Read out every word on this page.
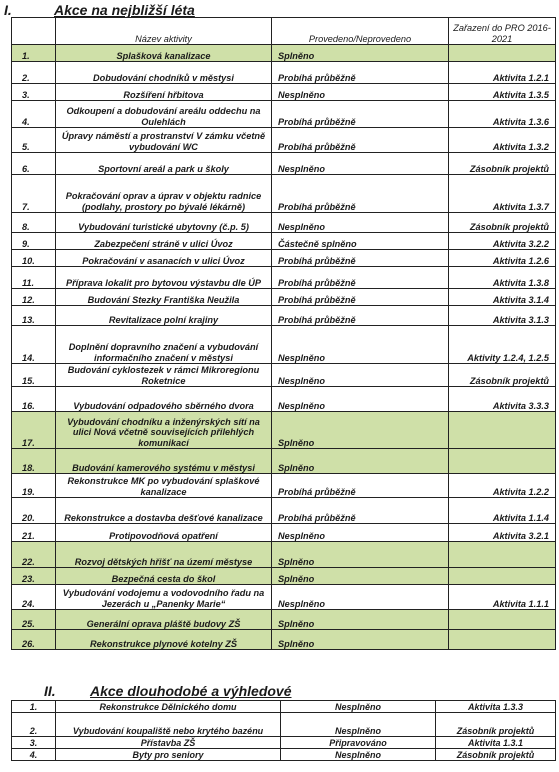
I.	Akce na nejbližší léta
	Název aktivity	Provedeno/Neprovedeno	Zařazení do PRO 2016-2021
1.	Splašková kanalizace	Splněno	
2.	Dobudování chodníků v městysi	Probíhá průběžně	Aktivita 1.2.1
3.	Rozšíření hřbitova	Nesplněno	Aktivita 1.3.5
4.	Odkoupení a dobudování areálu oddechu na Oulehlách	Probíhá průběžně	Aktivita 1.3.6
5.	Úpravy náměstí a prostranství V zámku včetně vybudování WC	Probíhá průběžně	Aktivita 1.3.2
6.	Sportovní areál a park u školy	Nesplněno	Zásobník projektů
7.	Pokračování oprav a úprav v objektu radnice (podlahy, prostory po bývalé lékárně)	Probíhá průběžně	Aktivita 1.3.7
8.	Vybudování turistické ubytovny (č.p. 5)	Nesplněno	Zásobník projektů
9.	Zabezpečení stráně v ulici Úvoz	Částečně splněno	Aktivita 3.2.2
10.	Pokračování v asanacích v ulici Úvoz	Probíhá průběžně	Aktivita 1.2.6
11.	Příprava lokalit pro bytovou výstavbu dle ÚP	Probíhá průběžně	Aktivita 1.3.8
12.	Budování Stezky Františka Neužila	Probíhá průběžně	Aktivita 3.1.4
13.	Revitalizace polní krajiny	Probíhá průběžně	Aktivita 3.1.3
14.	Doplnění dopravního značení a vybudování informačního značení v městysi	Nesplněno	Aktivity 1.2.4, 1.2.5
15.	Budování cyklostezek v rámci Mikroregionu Roketnice	Nesplněno	Zásobník projektů
16.	Vybudování odpadového sběrného dvora	Nesplněno	Aktivita 3.3.3
17.	Vybudování chodníku a inženýrských sítí na ulici Nová včetně souvisejících přilehlých komunikací	Splněno	
18.	Budování kamerového systému v městysi	Splněno	
19.	Rekonstrukce MK po vybudování splaškové kanalizace	Probíhá průběžně	Aktivita 1.2.2
20.	Rekonstrukce a dostavba dešťové kanalizace	Probíhá průběžně	Aktivita 1.1.4
21.	Protipovodňová opatření	Nesplněno	Aktivita 3.2.1
22.	Rozvoj dětských hřišť na území městyse	Splněno	
23.	Bezpečná cesta do škol	Splněno	
24.	Vybudování vodojemu a vodovodního řadu na Jezerách u „Panenky Marie“	Nesplněno	Aktivita 1.1.1
25.	Generální oprava pláště budovy ZŠ	Splněno	
26.	Rekonstrukce plynové kotelny ZŠ	Splněno	
II. Akce dlouhodobé a výhledové
1.	Rekonstrukce Dělnického domu	Nesplněno	Aktivita 1.3.3
2.	Vybudování koupaliště nebo krytého bazénu	Nesplněno	Zásobník projektů
3.	Přístavba ZŠ	Připravováno	Aktivita 1.3.1
4.	Byty pro seniory	Nesplněno	Zásobník projektů
